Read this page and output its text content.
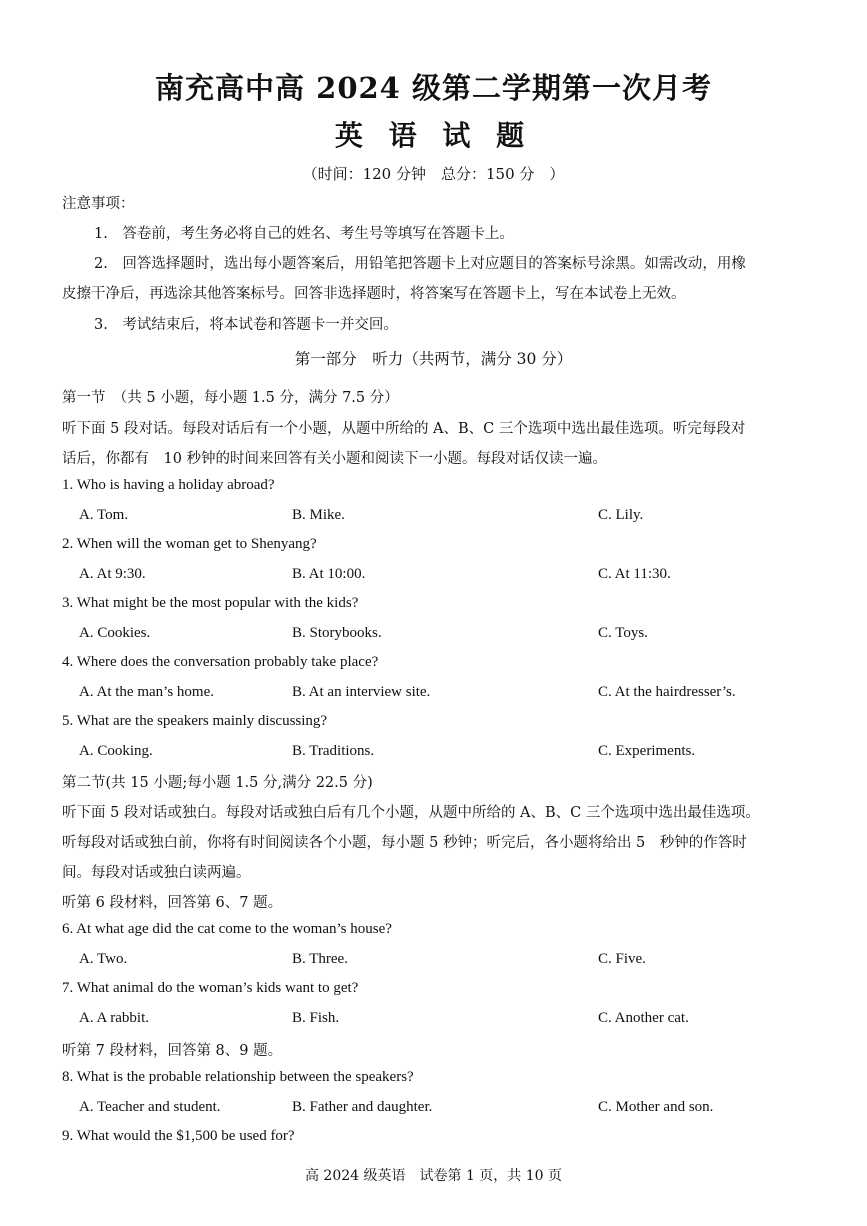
南充高中高 2024 级第二学期第一次月考
英 语 试 题
（时间：120 分钟　总分：150 分　）
注意事项：
1.　答卷前，考生务必将自己的姓名、考生号等填写在答题卡上。
2.　回答选择题时，选出每小题答案后，用铅笔把答题卡上对应题目的答案标号涂黑。如需改动，用橡
皮擦干净后，再选涂其他答案标号。回答非选择题时，将答案写在答题卡上，写在本试卷上无效。
3.　考试结束后，将本试卷和答题卡一并交回。
第一部分　听力（共两节，满分 30 分）
第一节　（共 5 小题，每小题 1.5 分，满分 7.5 分）
听下面 5 段对话。每段对话后有一个小题，从题中所给的 A、B、C 三个选项中选出最佳选项。听完每段对
话后，你都有　10 秒钟的时间来回答有关小题和阅读下一小题。每段对话仅读一遍。
1. Who is having a holiday abroad?
A. Tom.	B. Mike.	C. Lily.
2. When will the woman get to Shenyang?
A. At 9:30.	B. At 10:00.	C. At 11:30.
3. What might be the most popular with the kids?
A. Cookies.	B. Storybooks.	C. Toys.
4. Where does the conversation probably take place?
A. At the man’s home.	B. At an interview site.	C. At the hairdresser’s.
5. What are the speakers mainly discussing?
A. Cooking.	B. Traditions.	C. Experiments.
第二节(共 15 小题;每小题 1.5 分,满分 22.5 分)
听下面 5 段对话或独白。每段对话或独白后有几个小题，从题中所给的 A、B、C 三个选项中选出最佳选项。
听每段对话或独白前，你将有时间阅读各个小题，每小题 5 秒钟；听完后，各小题将给出 5　秒钟的作答时
间。每段对话或独白读两遍。
听第 6 段材料，回答第 6、7 题。
6. At what age did the cat come to the woman’s house?
A. Two.	B. Three.	C. Five.
7. What animal do the woman’s kids want to get?
A. A rabbit.	B. Fish.	C. Another cat.
听第 7 段材料，回答第 8、9 题。
8. What is the probable relationship between the speakers?
A. Teacher and student.	B. Father and daughter.	C. Mother and son.
9. What would the $1,500 be used for?
高 2024 级英语　试卷第 1 页，共 10 页
